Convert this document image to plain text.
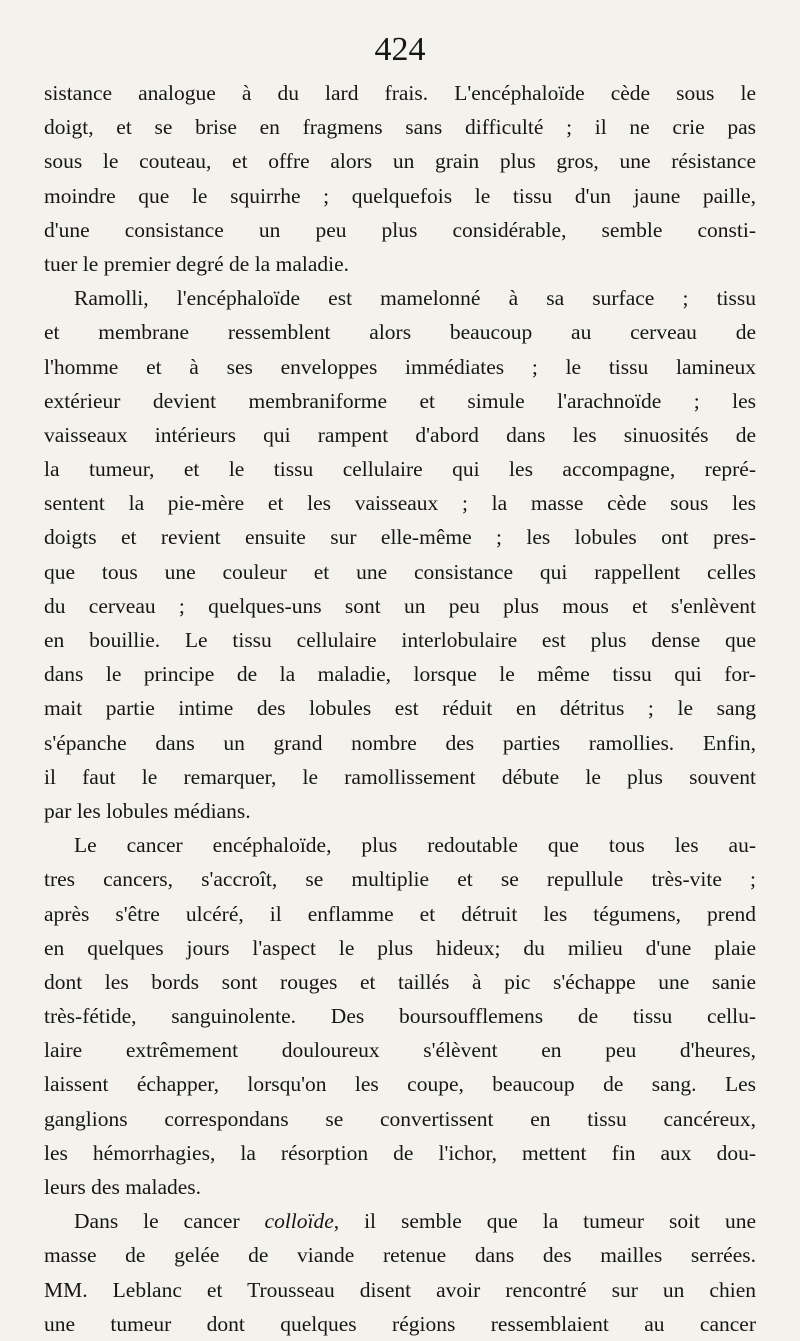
424
sistance analogue à du lard frais. L'encéphaloïde cède sous le
doigt, et se brise en fragmens sans difficulté ; il ne crie pas
sous le couteau, et offre alors un grain plus gros, une résistance
moindre que le squirrhe ; quelquefois le tissu d'un jaune paille,
d'une consistance un peu plus considérable, semble consti-
tuer le premier degré de la maladie.
Ramolli, l'encéphaloïde est mamelonné à sa surface ; tissu
et membrane ressemblent alors beaucoup au cerveau de
l'homme et à ses enveloppes immédiates ; le tissu lamineux
extérieur devient membraniforme et simule l'arachnoïde ; les
vaisseaux intérieurs qui rampent d'abord dans les sinuosités de
la tumeur, et le tissu cellulaire qui les accompagne, repré-
sentent la pie-mère et les vaisseaux ; la masse cède sous les
doigts et revient ensuite sur elle-même ; les lobules ont pres-
que tous une couleur et une consistance qui rappellent celles
du cerveau ; quelques-uns sont un peu plus mous et s'enlèvent
en bouillie. Le tissu cellulaire interlobulaire est plus dense que
dans le principe de la maladie, lorsque le même tissu qui for-
mait partie intime des lobules est réduit en détritus ; le sang
s'épanche dans un grand nombre des parties ramollies. Enfin,
il faut le remarquer, le ramollissement débute le plus souvent
par les lobules médians.
Le cancer encéphaloïde, plus redoutable que tous les au-
tres cancers, s'accroît, se multiplie et se repullule très-vite ;
après s'être ulcéré, il enflamme et détruit les tégumens, prend
en quelques jours l'aspect le plus hideux; du milieu d'une plaie
dont les bords sont rouges et taillés à pic s'échappe une sanie
très-fétide, sanguinolente. Des boursoufflemens de tissu cellu-
laire extrêmement douloureux s'élèvent en peu d'heures,
laissent échapper, lorsqu'on les coupe, beaucoup de sang. Les
ganglions correspondans se convertissent en tissu cancéreux,
les hémorrhagies, la résorption de l'ichor, mettent fin aux dou-
leurs des malades.
Dans le cancer colloïde, il semble que la tumeur soit une
masse de gelée de viande retenue dans des mailles serrées.
MM. Leblanc et Trousseau disent avoir rencontré sur un chien
une tumeur dont quelques régions ressemblaient au cancer
